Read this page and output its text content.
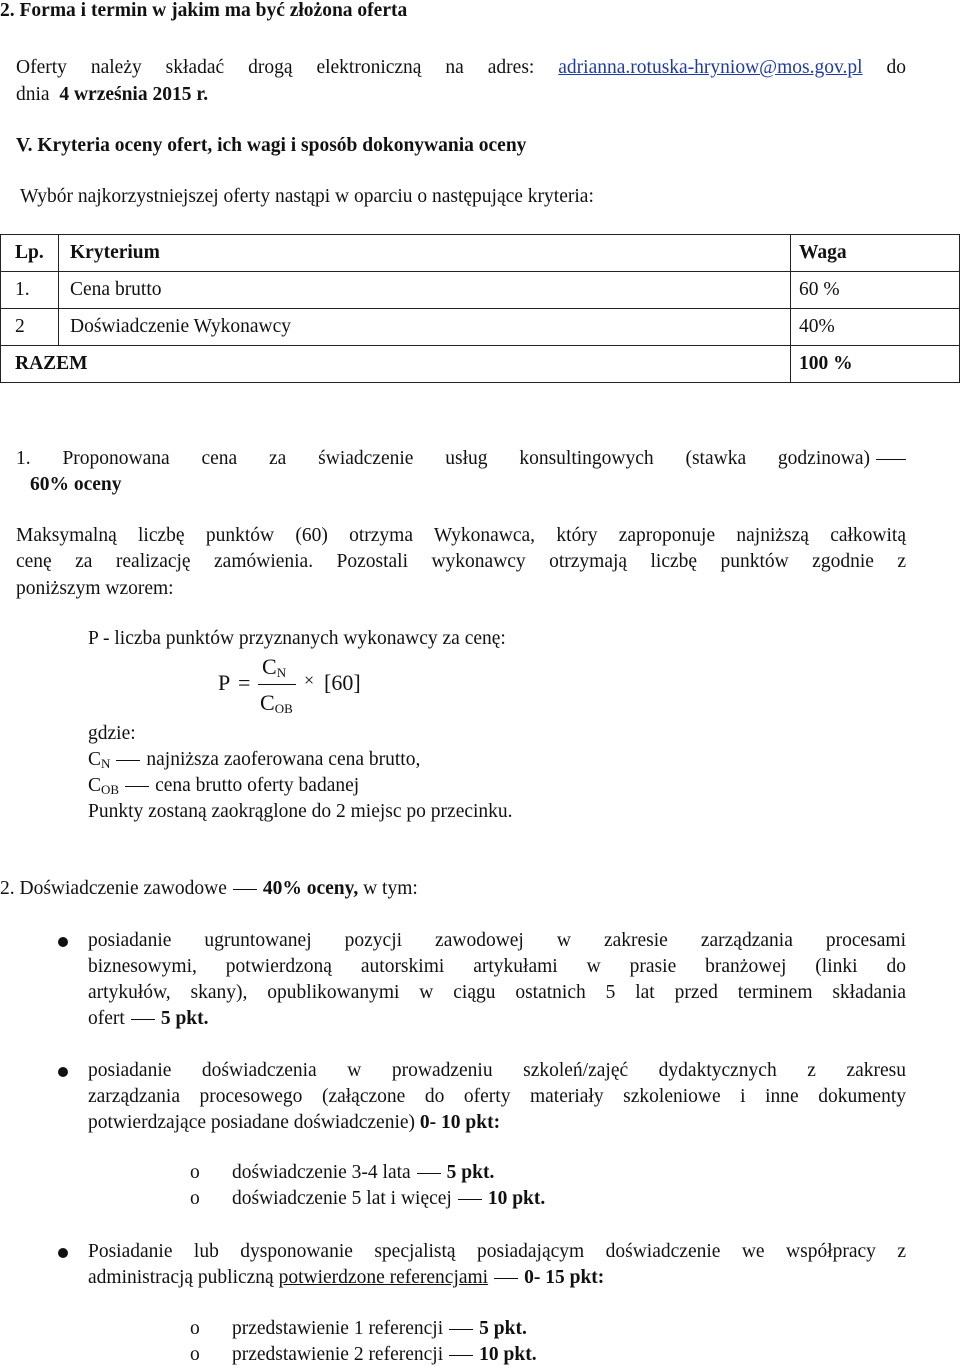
2. Forma i termin w jakim ma być złożona oferta
Oferty należy składać drogą elektroniczną na adres: adrianna.rotuska-hryniow@mos.gov.pl do
dnia 4 września 2015 r.
V. Kryteria oceny ofert, ich wagi i sposób dokonywania oceny
Wybór najkorzystniejszej oferty nastąpi w oparciu o następujące kryteria:
Lp.	Kryterium	Waga
1.	Cena brutto	60 %
2	Doświadczenie Wykonawcy	40%
RAZEM		100 %
1. Proponowana cena za świadczenie usług konsultingowych (stawka godzinowa)
60% oceny
Maksymalną liczbę punktów (60) otrzyma Wykonawca, który zaproponuje najniższą całkowitą
cenę za realizację zamówienia. Pozostali wykonawcy otrzymają liczbę punktów zgodnie z
poniższym wzorem:
P - liczba punktów przyznanych wykonawcy za cenę:
P =
$C_N$
$C_{OB}$
× [60]
gdzie:
$C_N$ najniższa zaoferowana cena brutto,
$C_{OB}$ cena brutto oferty badanej
Punkty zostaną zaokrąglone do 2 miejsc po przecinku.
2. Doświadczenie zawodowe 40% oceny, w tym:
posiadanie ugruntowanej pozycji zawodowej w zakresie zarządzania procesami
biznesowymi, potwierdzoną autorskimi artykułami w prasie branżowej (linki do
artykułów, skany), opublikowanymi w ciągu ostatnich 5 lat przed terminem składania
ofert 5 pkt.
posiadanie doświadczenia w prowadzeniu szkoleń/zajęć dydaktycznych z zakresu
zarządzania procesowego (załączone do oferty materiały szkoleniowe i inne dokumenty
potwierdzające posiadane doświadczenie) 0- 10 pkt:
o doświadczenie 3-4 lata 5 pkt.
o doświadczenie 5 lat i więcej 10 pkt.
Posiadanie lub dysponowanie specjalistą posiadającym doświadczenie we współpracy z
administracją publiczną potwierdzone referencjami 0- 15 pkt:
o przedstawienie 1 referencji 5 pkt.
o przedstawienie 2 referencji 10 pkt.
